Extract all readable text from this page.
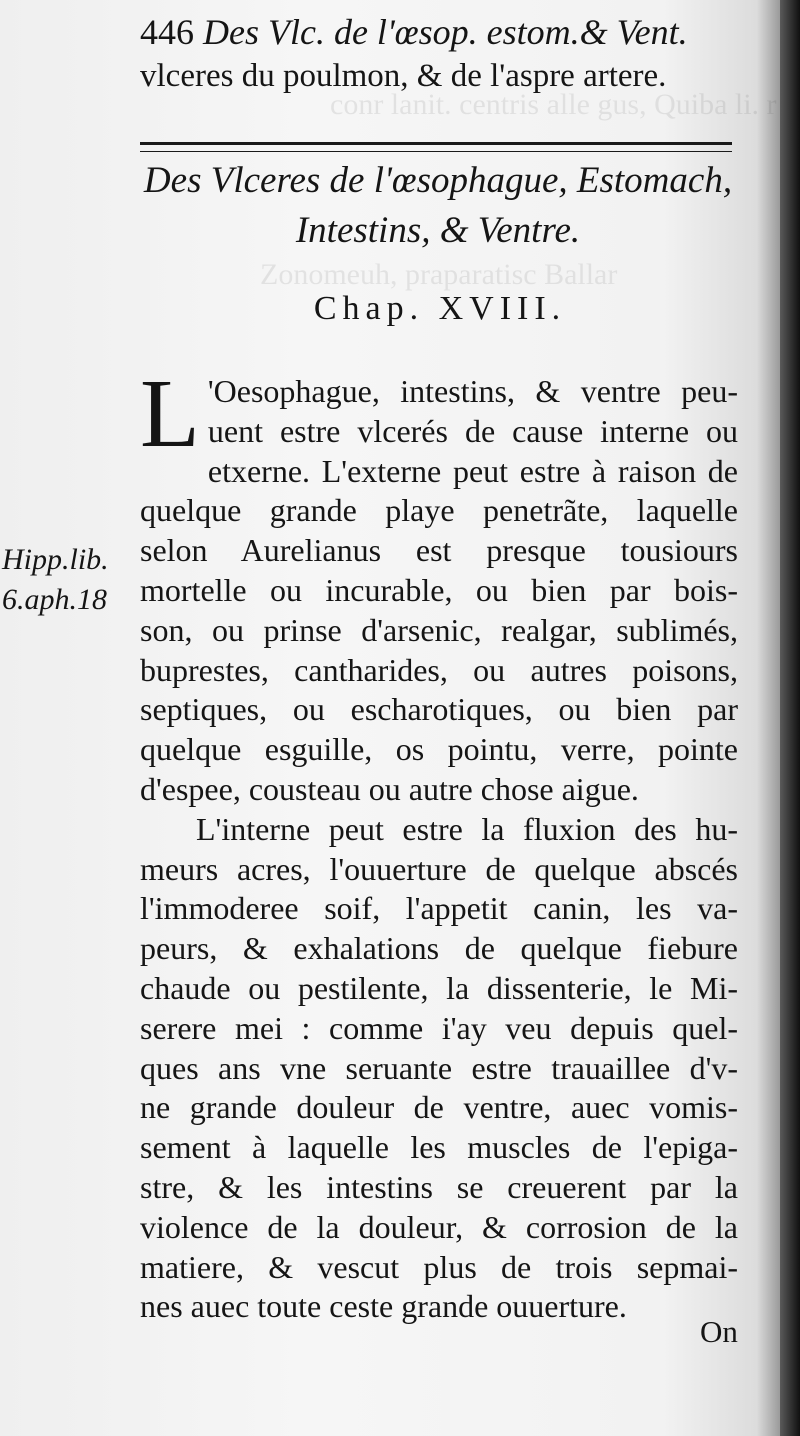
conr lanit. centris alle gus, Quiba li. r
Zonomeuh, praparatisc Ballar
446 Des Vlc. de l'œsop. estom.& Vent.
vlceres du poulmon, & de l'aspre artere.
Des Vlceres de l'œsophague, Estomach,
Intestins, & Ventre.
Chap. XVIII.
Hipp.lib.
6.aph.18
L 'Oesophague, intestins, & ventre peu-
uent estre vlcerés de cause interne ou
etxerne. L'externe peut estre à raison de
quelque grande playe penetrãte, laquelle
selon Aurelianus est presque tousiours
mortelle ou incurable, ou bien par bois-
son, ou prinse d'arsenic, realgar, sublimés,
buprestes, cantharides, ou autres poisons,
septiques, ou escharotiques, ou bien par
quelque esguille, os pointu, verre, pointe
d'espee, cousteau ou autre chose aigue.
L'interne peut estre la fluxion des hu-
meurs acres, l'ouuerture de quelque abscés
l'immoderee soif, l'appetit canin, les va-
peurs, & exhalations de quelque fiebure
chaude ou pestilente, la dissenterie, le Mi-
serere mei : comme i'ay veu depuis quel-
ques ans vne seruante estre trauaillee d'v-
ne grande douleur de ventre, auec vomis-
sement à laquelle les muscles de l'epiga-
stre, & les intestins se creuerent par la
violence de la douleur, & corrosion de la
matiere, & vescut plus de trois sepmai-
nes auec toute ceste grande ouuerture.
On
